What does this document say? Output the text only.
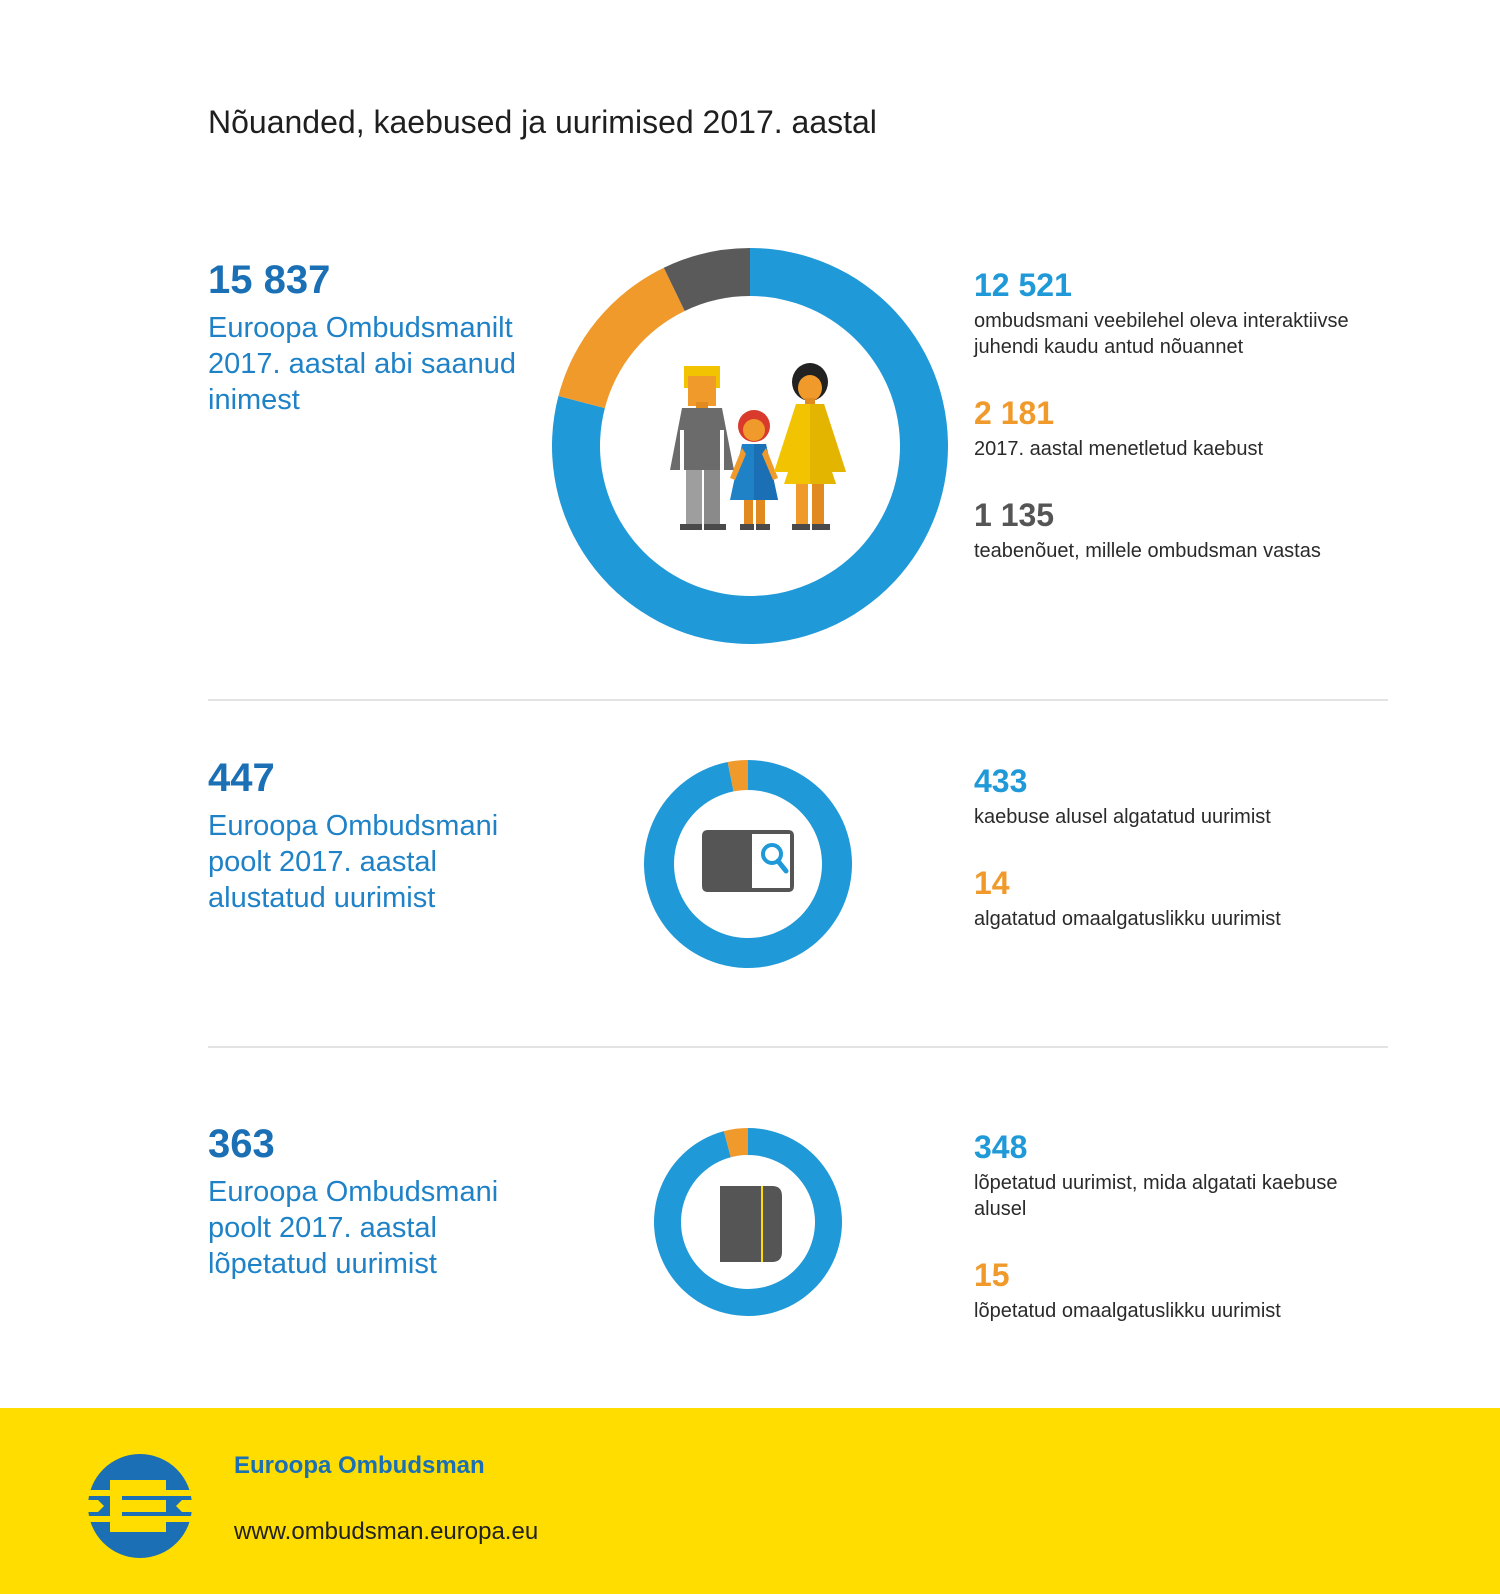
Nõuanded, kaebused ja uurimised 2017. aastal
15 837
Euroopa Ombudsmanilt 2017. aastal abi saanud inimest
12 521
ombudsmani veebilehel oleva interaktiivse juhendi kaudu antud nõuannet
2 181
2017. aastal menetletud kaebust
1 135
teabenõuet, millele ombudsman vastas
447
Euroopa Ombudsmani poolt 2017. aastal alustatud uurimist
433
kaebuse alusel algatatud uurimist
14
algatatud omaalgatuslikku uurimist
363
Euroopa Ombudsmani poolt 2017. aastal lõpetatud uurimist
348
lõpetatud uurimist, mida algatati kaebuse alusel
15
lõpetatud omaalgatuslikku uurimist
Euroopa Ombudsman
www.ombudsman.europa.eu
